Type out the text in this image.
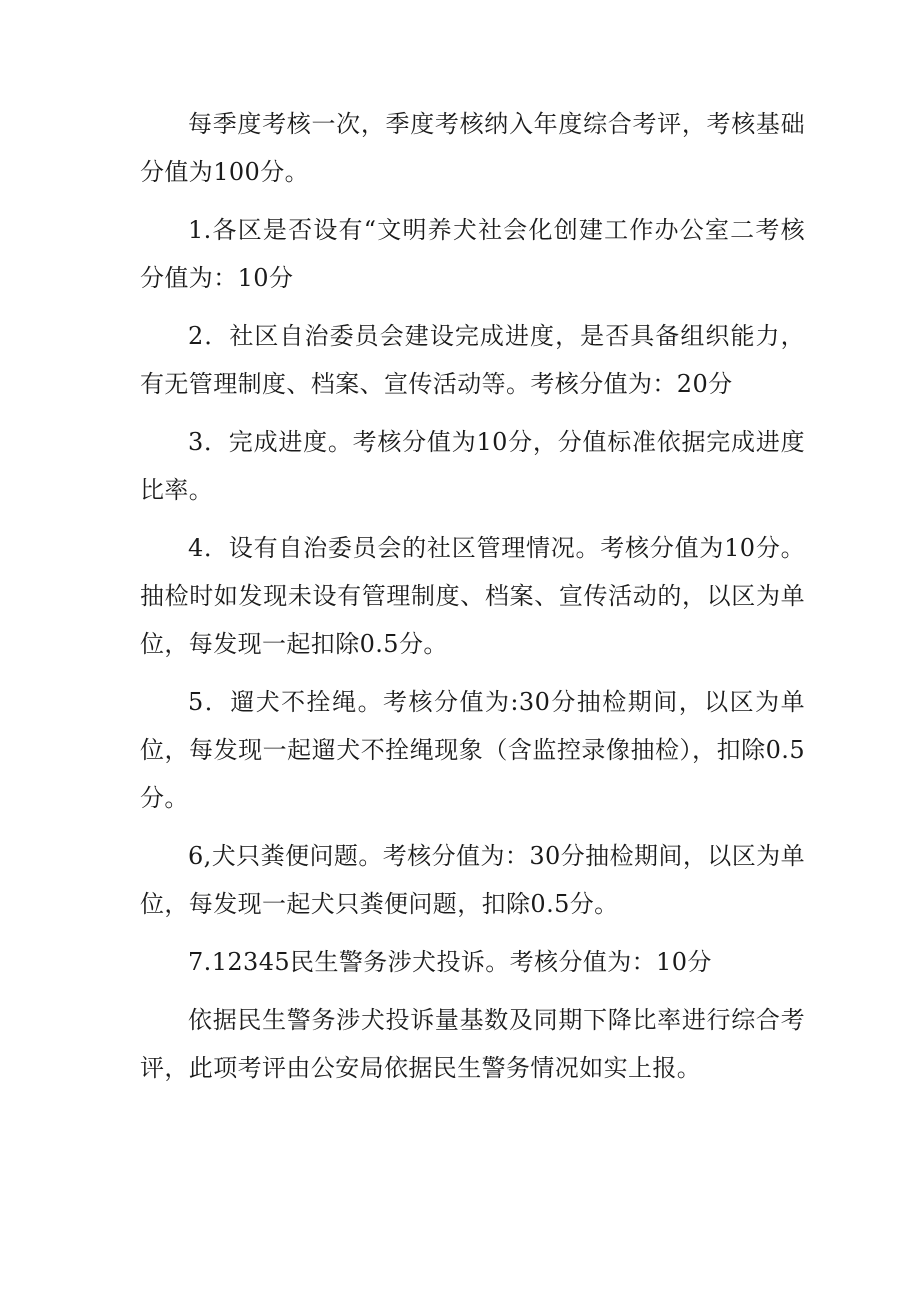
每季度考核一次，季度考核纳入年度综合考评，考核基础分值为100分。

1.各区是否设有“文明养犬社会化创建工作办公室二考核分值为：10分

2．社区自治委员会建设完成进度，是否具备组织能力，有无管理制度、档案、宣传活动等。考核分值为：20分

3．完成进度。考核分值为10分，分值标准依据完成进度比率。

4．设有自治委员会的社区管理情况。考核分值为10分。抽检时如发现未设有管理制度、档案、宣传活动的，以区为单位，每发现一起扣除0.5分。

5．遛犬不拴绳。考核分值为:30分抽检期间，以区为单位，每发现一起遛犬不拴绳现象（含监控录像抽检），扣除0.5分。

6,犬只粪便问题。考核分值为：30分抽检期间，以区为单位，每发现一起犬只粪便问题，扣除0.5分。

7.12345民生警务涉犬投诉。考核分值为：10分

依据民生警务涉犬投诉量基数及同期下降比率进行综合考评，此项考评由公安局依据民生警务情况如实上报。
